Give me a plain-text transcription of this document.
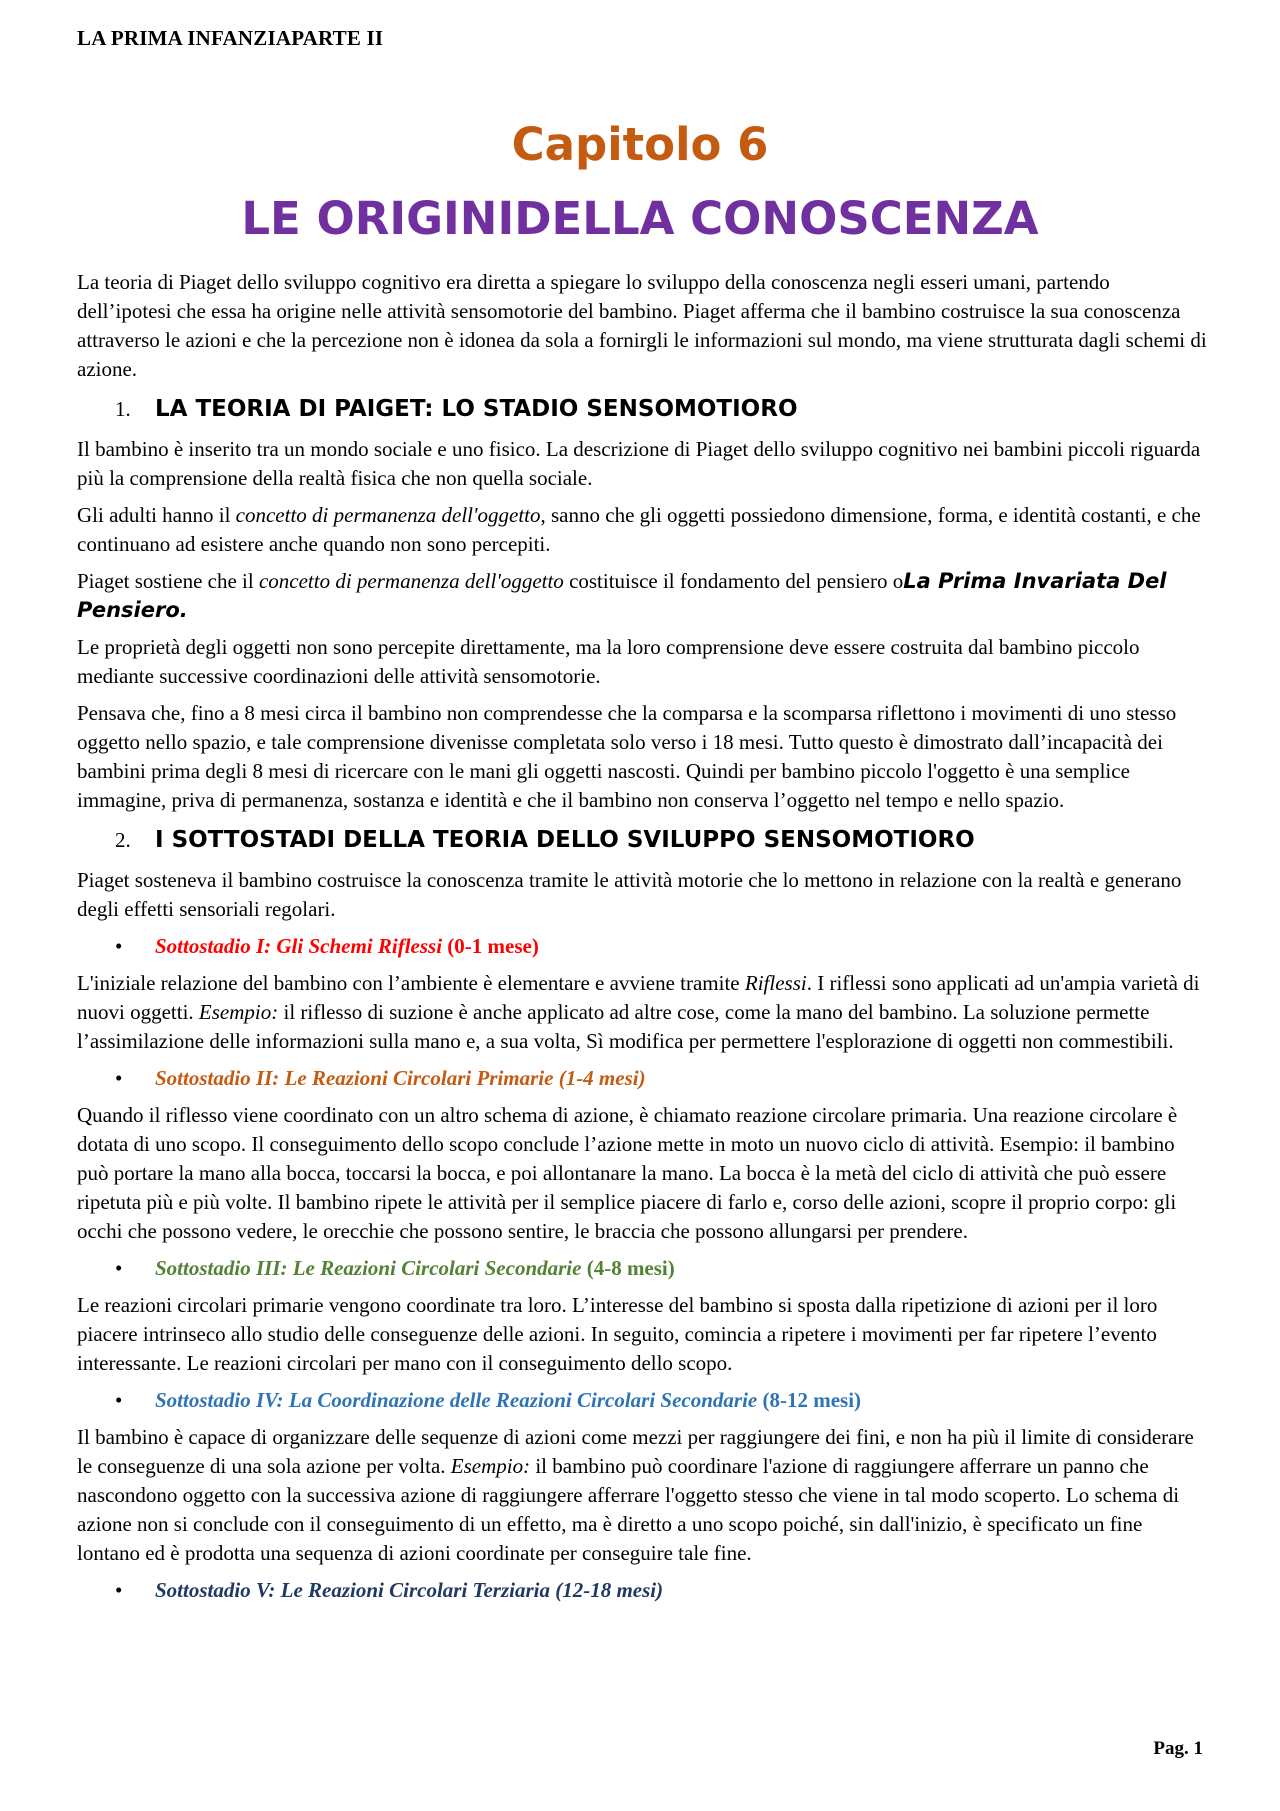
LA PRIMA INFANZIAPARTE II
Capitolo 6
LE ORIGINIDELLA CONOSCENZA

La teoria di Piaget dello sviluppo cognitivo era diretta a spiegare lo sviluppo della conoscenza negli esseri umani, partendo dell’ipotesi che essa ha origine nelle attività sensomotorie del bambino. Piaget afferma che il bambino costruisce la sua conoscenza attraverso le azioni e che la percezione non è idonea da sola a fornirgli le informazioni sul mondo, ma viene strutturata dagli schemi di azione.

1. LA TEORIA DI PAIGET: LO STADIO SENSOMOTIORO

Il bambino è inserito tra un mondo sociale e uno fisico. La descrizione di Piaget dello sviluppo cognitivo nei bambini piccoli riguarda più la comprensione della realtà fisica che non quella sociale.

Gli adulti hanno il concetto di permanenza dell'oggetto, sanno che gli oggetti possiedono dimensione, forma, e identità costanti, e che continuano ad esistere anche quando non sono percepiti.

Piaget sostiene che il concetto di permanenza dell'oggetto costituisce il fondamento del pensiero oLa Prima Invariata Del Pensiero.

Le proprietà degli oggetti non sono percepite direttamente, ma la loro comprensione deve essere costruita dal bambino piccolo mediante successive coordinazioni delle attività sensomotorie.

Pensava che, fino a 8 mesi circa il bambino non comprendesse che la comparsa e la scomparsa riflettono i movimenti di uno stesso oggetto nello spazio, e tale comprensione divenisse completata solo verso i 18 mesi. Tutto questo è dimostrato dall’incapacità dei bambini prima degli 8 mesi di ricercare con le mani gli oggetti nascosti. Quindi per bambino piccolo l'oggetto è una semplice immagine, priva di permanenza, sostanza e identità e che il bambino non conserva l’oggetto nel tempo e nello spazio.

2. I SOTTOSTADI DELLA TEORIA DELLO SVILUPPO SENSOMOTIORO

Piaget sosteneva il bambino costruisce la conoscenza tramite le attività motorie che lo mettono in relazione con la realtà e generano degli effetti sensoriali regolari.

• Sottostadio I: Gli Schemi Riflessi (0-1 mese)

L'iniziale relazione del bambino con l’ambiente è elementare e avviene tramite Riflessi. I riflessi sono applicati ad un'ampia varietà di nuovi oggetti. Esempio: il riflesso di suzione è anche applicato ad altre cose, come la mano del bambino. La soluzione permette l’assimilazione delle informazioni sulla mano e, a sua volta, Sì modifica per permettere l'esplorazione di oggetti non commestibili.

• Sottostadio II: Le Reazioni Circolari Primarie (1-4 mesi)

Quando il riflesso viene coordinato con un altro schema di azione, è chiamato reazione circolare primaria. Una reazione circolare è dotata di uno scopo. Il conseguimento dello scopo conclude l’azione mette in moto un nuovo ciclo di attività. Esempio: il bambino può portare la mano alla bocca, toccarsi la bocca, e poi allontanare la mano. La bocca è la metà del ciclo di attività che può essere ripetuta più e più volte. Il bambino ripete le attività per il semplice piacere di farlo e, corso delle azioni, scopre il proprio corpo: gli occhi che possono vedere, le orecchie che possono sentire, le braccia che possono allungarsi per prendere.

• Sottostadio III: Le Reazioni Circolari Secondarie (4-8 mesi)

Le reazioni circolari primarie vengono coordinate tra loro. L’interesse del bambino si sposta dalla ripetizione di azioni per il loro piacere intrinseco allo studio delle conseguenze delle azioni. In seguito, comincia a ripetere i movimenti per far ripetere l’evento interessante. Le reazioni circolari per mano con il conseguimento dello scopo.

• Sottostadio IV: La Coordinazione delle Reazioni Circolari Secondarie (8-12 mesi)

Il bambino è capace di organizzare delle sequenze di azioni come mezzi per raggiungere dei fini, e non ha più il limite di considerare le conseguenze di una sola azione per volta. Esempio: il bambino può coordinare l'azione di raggiungere afferrare un panno che nascondono oggetto con la successiva azione di raggiungere afferrare l'oggetto stesso che viene in tal modo scoperto. Lo schema di azione non si conclude con il conseguimento di un effetto, ma è diretto a uno scopo poiché, sin dall'inizio, è specificato un fine lontano ed è prodotta una sequenza di azioni coordinate per conseguire tale fine.

• Sottostadio V: Le Reazioni Circolari Terziaria (12-18 mesi)
Pag. 1
